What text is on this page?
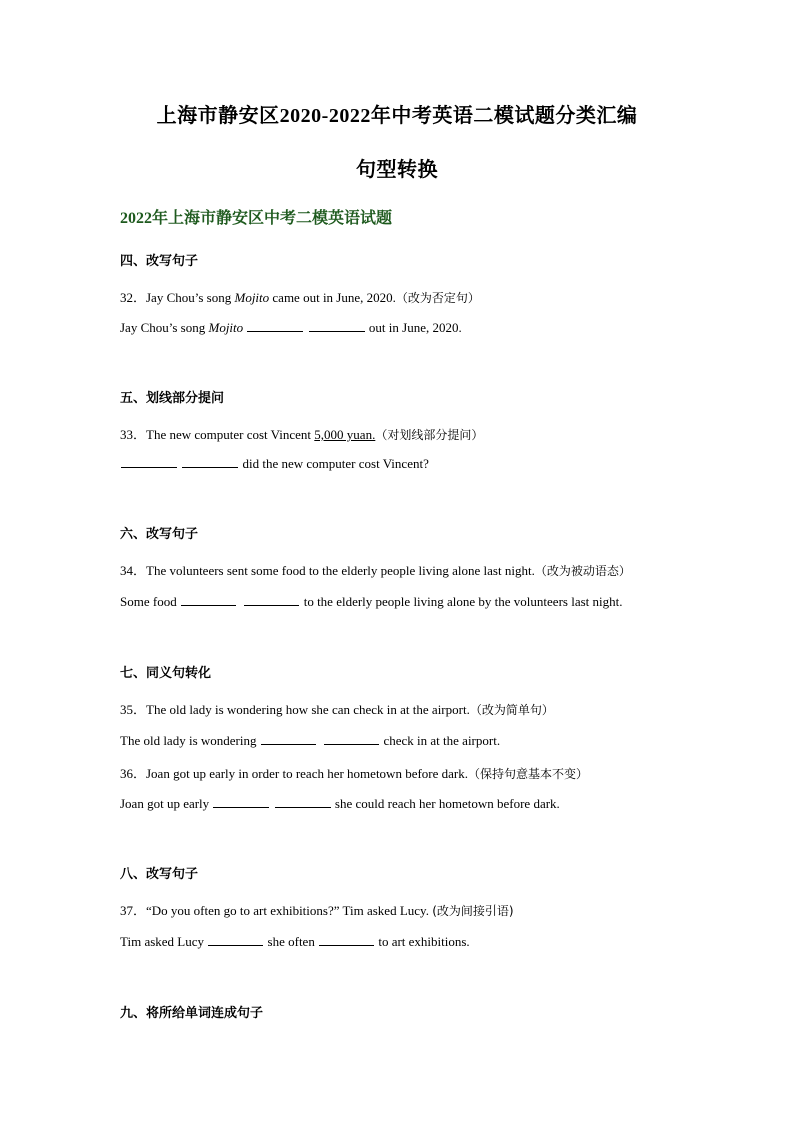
上海市静安区2020-2022年中考英语二模试题分类汇编
句型转换
2022年上海市静安区中考二模英语试题
四、改写句子
32．Jay Chou’s song Mojito came out in June, 2020.（改为否定句）
Jay Chou’s song Mojito	out in June, 2020.
五、划线部分提问
33．The new computer cost Vincent 5,000 yuan.（对划线部分提问）
did the new computer cost Vincent?
六、改写句子
34．The volunteers sent some food to the elderly people living alone last night.（改为被动语态）
Some food	to the elderly people living alone by the volunteers last night.
七、同义句转化
35．The old lady is wondering how she can check in at the airport.（改为简单句）
The old lady is wondering	check in at the airport.
36．Joan got up early in order to reach her hometown before dark.（保持句意基本不变）
Joan got up early	she could reach her hometown before dark.
八、改写句子
37．“Do you often go to art exhibitions?” Tim asked Lucy. (改为间接引语)
Tim asked Lucy	she often	to art exhibitions.
九、将所给单词连成句子
